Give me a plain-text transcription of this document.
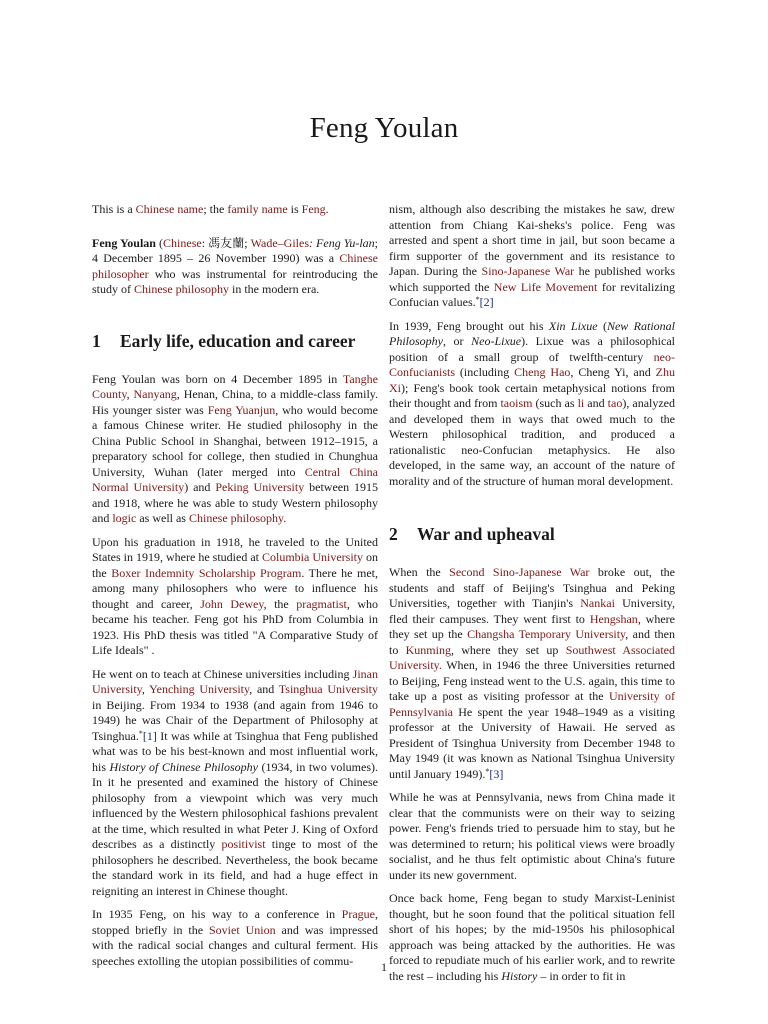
Feng Youlan

This is a Chinese name; the family name is Feng.

Feng Youlan (Chinese: 馮友蘭; Wade–Giles: Feng Yu-lan; 4 December 1895 – 26 November 1990) was a Chinese philosopher who was instrumental for reintroducing the study of Chinese philosophy in the modern era.

1 Early life, education and career

Feng Youlan was born on 4 December 1895 in Tanghe County, Nanyang, Henan, China, to a middle-class family. His younger sister was Feng Yuanjun, who would become a famous Chinese writer. He studied philosophy in the China Public School in Shanghai, between 1912–1915, a preparatory school for college, then studied in Chunghua University, Wuhan (later merged into Central China Normal University) and Peking University between 1915 and 1918, where he was able to study Western philosophy and logic as well as Chinese philosophy.

Upon his graduation in 1918, he traveled to the United States in 1919, where he studied at Columbia University on the Boxer Indemnity Scholarship Program. There he met, among many philosophers who were to influence his thought and career, John Dewey, the pragmatist, who became his teacher. Feng got his PhD from Columbia in 1923. His PhD thesis was titled "A Comparative Study of Life Ideals" .

He went on to teach at Chinese universities including Jinan University, Yenching University, and Tsinghua University in Beijing. From 1934 to 1938 (and again from 1946 to 1949) he was Chair of the Department of Philosophy at Tsinghua.*[1] It was while at Tsinghua that Feng published what was to be his best-known and most influential work, his History of Chinese Philosophy (1934, in two volumes). In it he presented and examined the history of Chinese philosophy from a viewpoint which was very much influenced by the Western philosophical fashions prevalent at the time, which resulted in what Peter J. King of Oxford describes as a distinctly positivist tinge to most of the philosophers he described. Nevertheless, the book became the standard work in its field, and had a huge effect in reigniting an interest in Chinese thought.

In 1935 Feng, on his way to a conference in Prague, stopped briefly in the Soviet Union and was impressed with the radical social changes and cultural ferment. His speeches extolling the utopian possibilities of commu-

nism, although also describing the mistakes he saw, drew attention from Chiang Kai-sheks's police. Feng was arrested and spent a short time in jail, but soon became a firm supporter of the government and its resistance to Japan. During the Sino-Japanese War he published works which supported the New Life Movement for revitalizing Confucian values.*[2]

In 1939, Feng brought out his Xin Lixue (New Rational Philosophy, or Neo-Lixue). Lixue was a philosophical position of a small group of twelfth-century neo-Confucianists (including Cheng Hao, Cheng Yi, and Zhu Xi); Feng's book took certain metaphysical notions from their thought and from taoism (such as li and tao), analyzed and developed them in ways that owed much to the Western philosophical tradition, and produced a rationalistic neo-Confucian metaphysics. He also developed, in the same way, an account of the nature of morality and of the structure of human moral development.

2 War and upheaval

When the Second Sino-Japanese War broke out, the students and staff of Beijing's Tsinghua and Peking Universities, together with Tianjin's Nankai University, fled their campuses. They went first to Hengshan, where they set up the Changsha Temporary University, and then to Kunming, where they set up Southwest Associated University. When, in 1946 the three Universities returned to Beijing, Feng instead went to the U.S. again, this time to take up a post as visiting professor at the University of Pennsylvania He spent the year 1948–1949 as a visiting professor at the University of Hawaii. He served as President of Tsinghua University from December 1948 to May 1949 (it was known as National Tsinghua University until January 1949).*[3]

While he was at Pennsylvania, news from China made it clear that the communists were on their way to seizing power. Feng's friends tried to persuade him to stay, but he was determined to return; his political views were broadly socialist, and he thus felt optimistic about China's future under its new government.

Once back home, Feng began to study Marxist-Leninist thought, but he soon found that the political situation fell short of his hopes; by the mid-1950s his philosophical approach was being attacked by the authorities. He was forced to repudiate much of his earlier work, and to rewrite the rest – including his History – in order to fit in

1
